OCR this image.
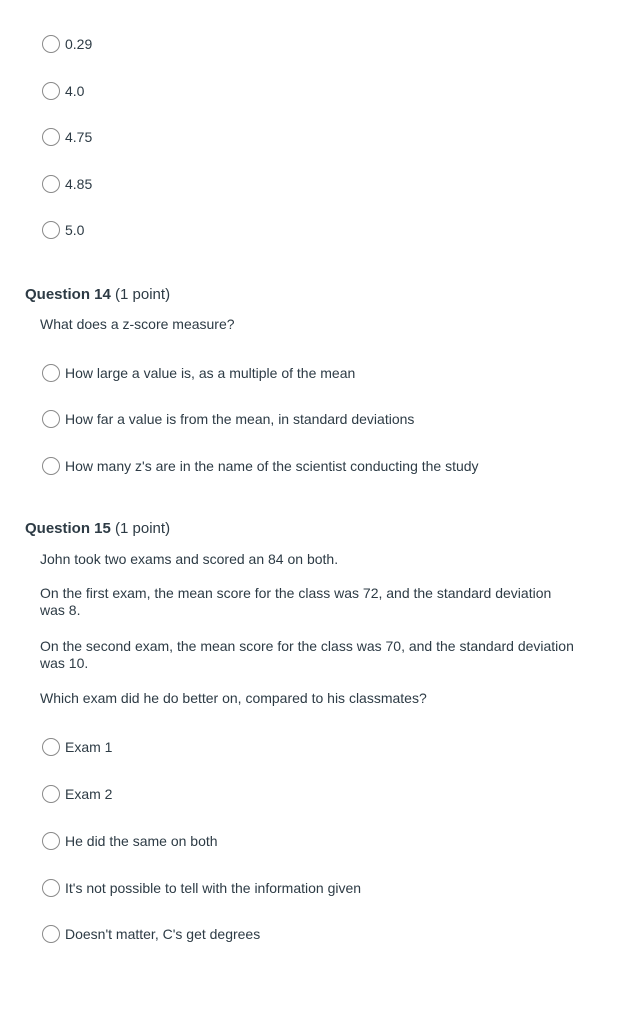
0.29
4.0
4.75
4.85
5.0
Question 14 (1 point)
What does a z-score measure?
How large a value is, as a multiple of the mean
How far a value is from the mean, in standard deviations
How many z's are in the name of the scientist conducting the study
Question 15 (1 point)
John took two exams and scored an 84 on both.
On the first exam, the mean score for the class was 72, and the standard deviation was 8.
On the second exam, the mean score for the class was 70, and the standard deviation was 10.
Which exam did he do better on, compared to his classmates?
Exam 1
Exam 2
He did the same on both
It's not possible to tell with the information given
Doesn't matter, C's get degrees
